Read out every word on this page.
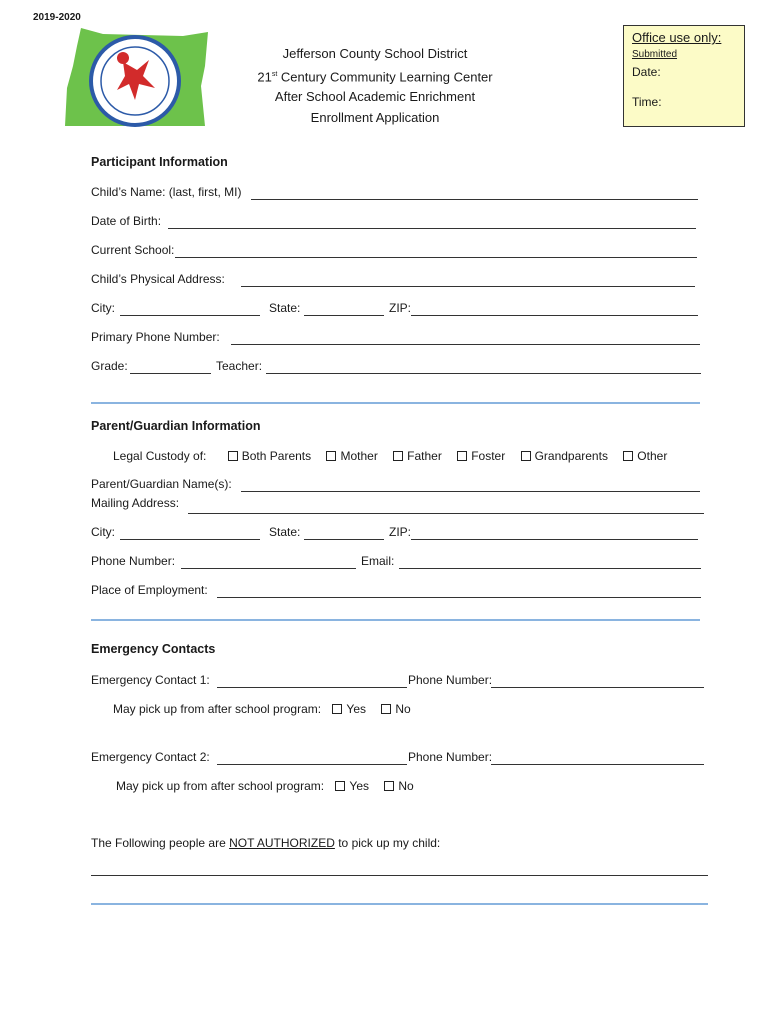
2019-2020
Jefferson County School District
21st Century Community Learning Center
After School Academic Enrichment
Enrollment Application
Office use only:
Submitted
Date:
Time:
Participant Information
Child’s Name: (last, first, MI)
Date of Birth:
Current School:
Child’s Physical Address:
City:	State:	ZIP:
Primary Phone Number:
Grade:	Teacher:
Parent/Guardian Information
Legal Custody of:	Both Parents Mother Father Foster Grandparents Other
Parent/Guardian Name(s):
Mailing Address:
City:	State:	ZIP:
Phone Number:	Email:
Place of Employment:
Emergency Contacts
Emergency Contact 1:	Phone Number:
May pick up from after school program: Yes No
Emergency Contact 2:	Phone Number:
May pick up from after school program: Yes No
The Following people are NOT AUTHORIZED to pick up my child:
